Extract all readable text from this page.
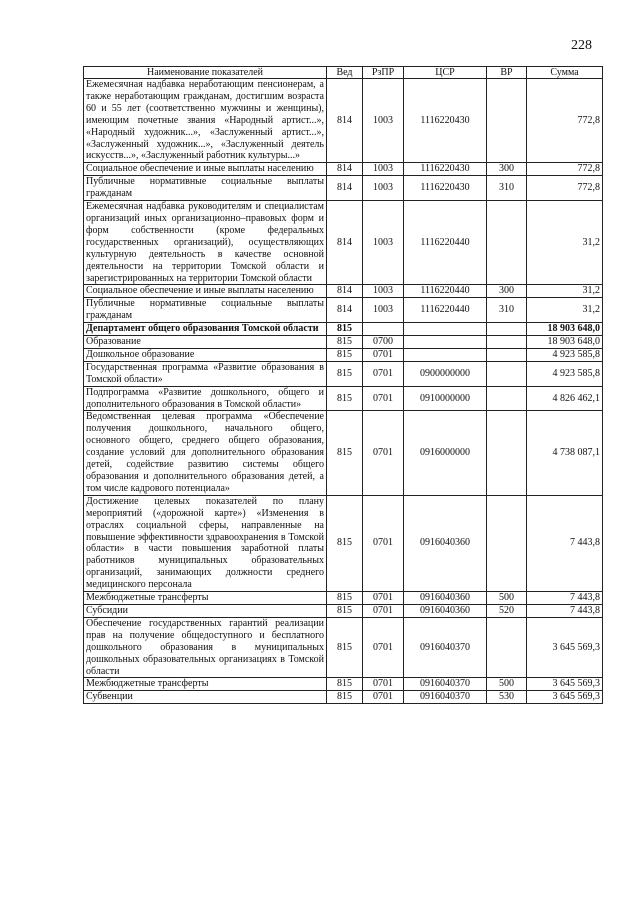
228
Наименование показателей	Вед	РзПР	ЦСР	ВР	Сумма
Ежемесячная надбавка неработающим пенсионерам, а также неработающим гражданам, достигшим возраста 60 и 55 лет (соответственно мужчины и женщины), имеющим почетные звания «Народный артист...», «Народный художник...», «Заслуженный артист...», «Заслуженный художник...», «Заслуженный деятель искусств...», «Заслуженный работник культуры...»	814	1003	1116220430		772,8
Социальное обеспечение и иные выплаты населению	814	1003	1116220430	300	772,8
Публичные нормативные социальные выплаты гражданам	814	1003	1116220430	310	772,8
Ежемесячная надбавка руководителям и специалистам организаций иных организационно–правовых форм и форм собственности (кроме федеральных государственных организаций), осуществляющих культурную деятельность в качестве основной деятельности на территории Томской области и зарегистрированных на территории Томской области	814	1003	1116220440		31,2
Социальное обеспечение и иные выплаты населению	814	1003	1116220440	300	31,2
Публичные нормативные социальные выплаты гражданам	814	1003	1116220440	310	31,2
Департамент общего образования Томской области	815				18 903 648,0
Образование	815	0700			18 903 648,0
Дошкольное образование	815	0701			4 923 585,8
Государственная программа «Развитие образования в Томской области»	815	0701	0900000000		4 923 585,8
Подпрограмма «Развитие дошкольного, общего и дополнительного образования в Томской области»	815	0701	0910000000		4 826 462,1
Ведомственная целевая программа «Обеспечение получения дошкольного, начального общего, основного общего, среднего общего образования, создание условий для дополнительного образования детей, содействие развитию системы общего образования и дополнительного образования детей, а том числе кадрового потенциала»	815	0701	0916000000		4 738 087,1
Достижение целевых показателей по плану мероприятий («дорожной карте») «Изменения в отраслях социальной сферы, направленные на повышение эффективности здравоохранения в Томской области» в части повышения заработной платы работников муниципальных образовательных организаций, занимающих должности среднего медицинского персонала	815	0701	0916040360		7 443,8
Межбюджетные трансферты	815	0701	0916040360	500	7 443,8
Субсидии	815	0701	0916040360	520	7 443,8
Обеспечение государственных гарантий реализации прав на получение общедоступного и бесплатного дошкольного образования в муниципальных дошкольных образовательных организациях в Томской области	815	0701	0916040370		3 645 569,3
Межбюджетные трансферты	815	0701	0916040370	500	3 645 569,3
Субвенции	815	0701	0916040370	530	3 645 569,3
